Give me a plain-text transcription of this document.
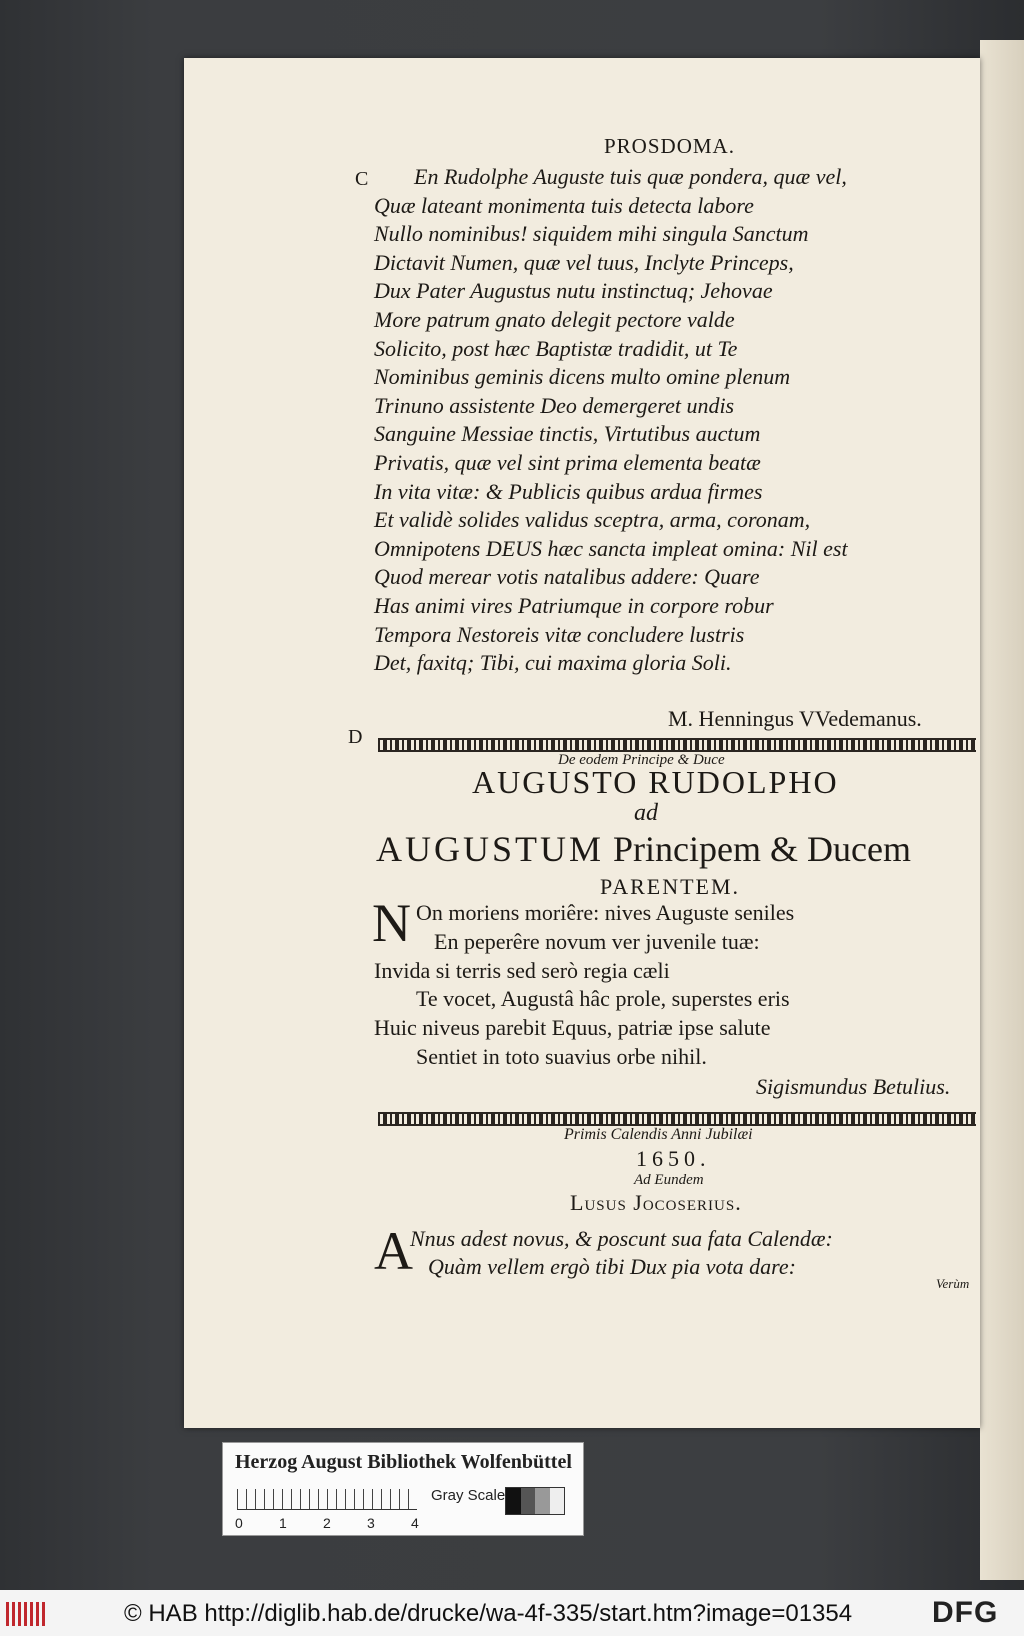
PROSDOMA.
C En Rudolphe Auguste tuis quæ pondera, quæ vel,
Quæ lateant monimenta tuis detecta labore
Nullo nominibus! siquidem mihi singula Sanctum
Dictavit Numen, quæ vel tuus, Inclyte Princeps,
Dux Pater Augustus nutu instinctuq; Jehovae
More patrum gnato delegit pectore valde
Solicito, post hæc Baptistæ tradidit, ut Te
Nominibus geminis dicens multo omine plenum
Trinuno assistente Deo demergeret undis
Sanguine Messiae tinctis, Virtutibus auctum
Privatis, quæ vel sint prima elementa beatæ
In vita vitæ: & Publicis quibus ardua firmes
Et validè solides validus sceptra, arma, coronam,
Omnipotens DEUS hæc sancta impleat omina: Nil est
Quod merear votis natalibus addere: Quare
Has animi vires Patriumque in corpore robur
Tempora Nestoreis vitæ concludere lustris
Det, faxitq; Tibi, cui maxima gloria Soli.
M. Henningus VVedemanus.
D
De eodem Principe & Duce
AUGUSTO RUDOLPHO
ad
AUGUSTUM Principem & Ducem
PARENTEM.
N On moriens moriêre: nives Auguste seniles
En peperêre novum ver juvenile tuæ:
Invida si terris sed serò regia cæli
Te vocet, Augustâ hâc prole, superstes eris
Huic niveus parebit Equus, patriæ ipse salute
Sentiet in toto suavius orbe nihil.
Sigismundus Betulius.
Primis Calendis Anni Jubilæi
1650.
Ad Eundem
Lusus Jocoserius.
A
Nnus adest novus, & poscunt sua fata Calendæ:
Quàm vellem ergò tibi Dux pia vota dare:
Verùm
Herzog August Bibliothek Wolfenbüttel
0	1	2	3	4
Gray Scale
© HAB http://diglib.hab.de/drucke/wa-4f-335/start.htm?image=01354	DFG
